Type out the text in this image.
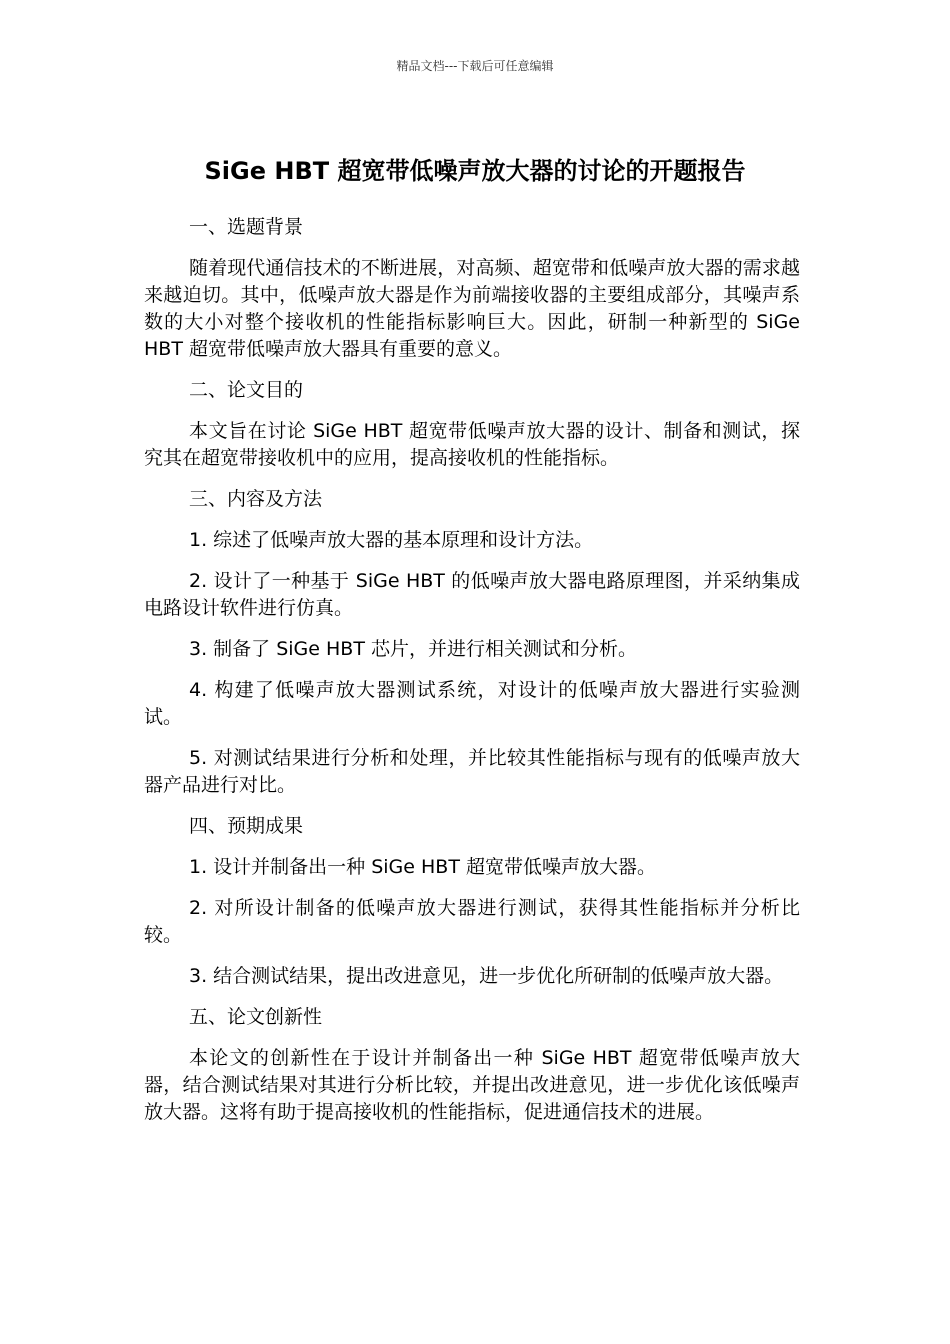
精品文档---下载后可任意编辑
SiGe HBT 超宽带低噪声放大器的讨论的开题报告
一、选题背景

随着现代通信技术的不断进展，对高频、超宽带和低噪声放大器的需求越来越迫切。其中，低噪声放大器是作为前端接收器的主要组成部分，其噪声系数的大小对整个接收机的性能指标影响巨大。因此，研制一种新型的 SiGe HBT 超宽带低噪声放大器具有重要的意义。

二、论文目的

本文旨在讨论 SiGe HBT 超宽带低噪声放大器的设计、制备和测试，探究其在超宽带接收机中的应用，提高接收机的性能指标。

三、内容及方法

1. 综述了低噪声放大器的基本原理和设计方法。

2. 设计了一种基于 SiGe HBT 的低噪声放大器电路原理图，并采纳集成电路设计软件进行仿真。

3. 制备了 SiGe HBT 芯片，并进行相关测试和分析。

4. 构建了低噪声放大器测试系统，对设计的低噪声放大器进行实验测试。

5. 对测试结果进行分析和处理，并比较其性能指标与现有的低噪声放大器产品进行对比。

四、预期成果

1. 设计并制备出一种 SiGe HBT 超宽带低噪声放大器。

2. 对所设计制备的低噪声放大器进行测试，获得其性能指标并分析比较。

3. 结合测试结果，提出改进意见，进一步优化所研制的低噪声放大器。

五、论文创新性

本论文的创新性在于设计并制备出一种 SiGe HBT 超宽带低噪声放大器，结合测试结果对其进行分析比较，并提出改进意见，进一步优化该低噪声放大器。这将有助于提高接收机的性能指标，促进通信技术的进展。
